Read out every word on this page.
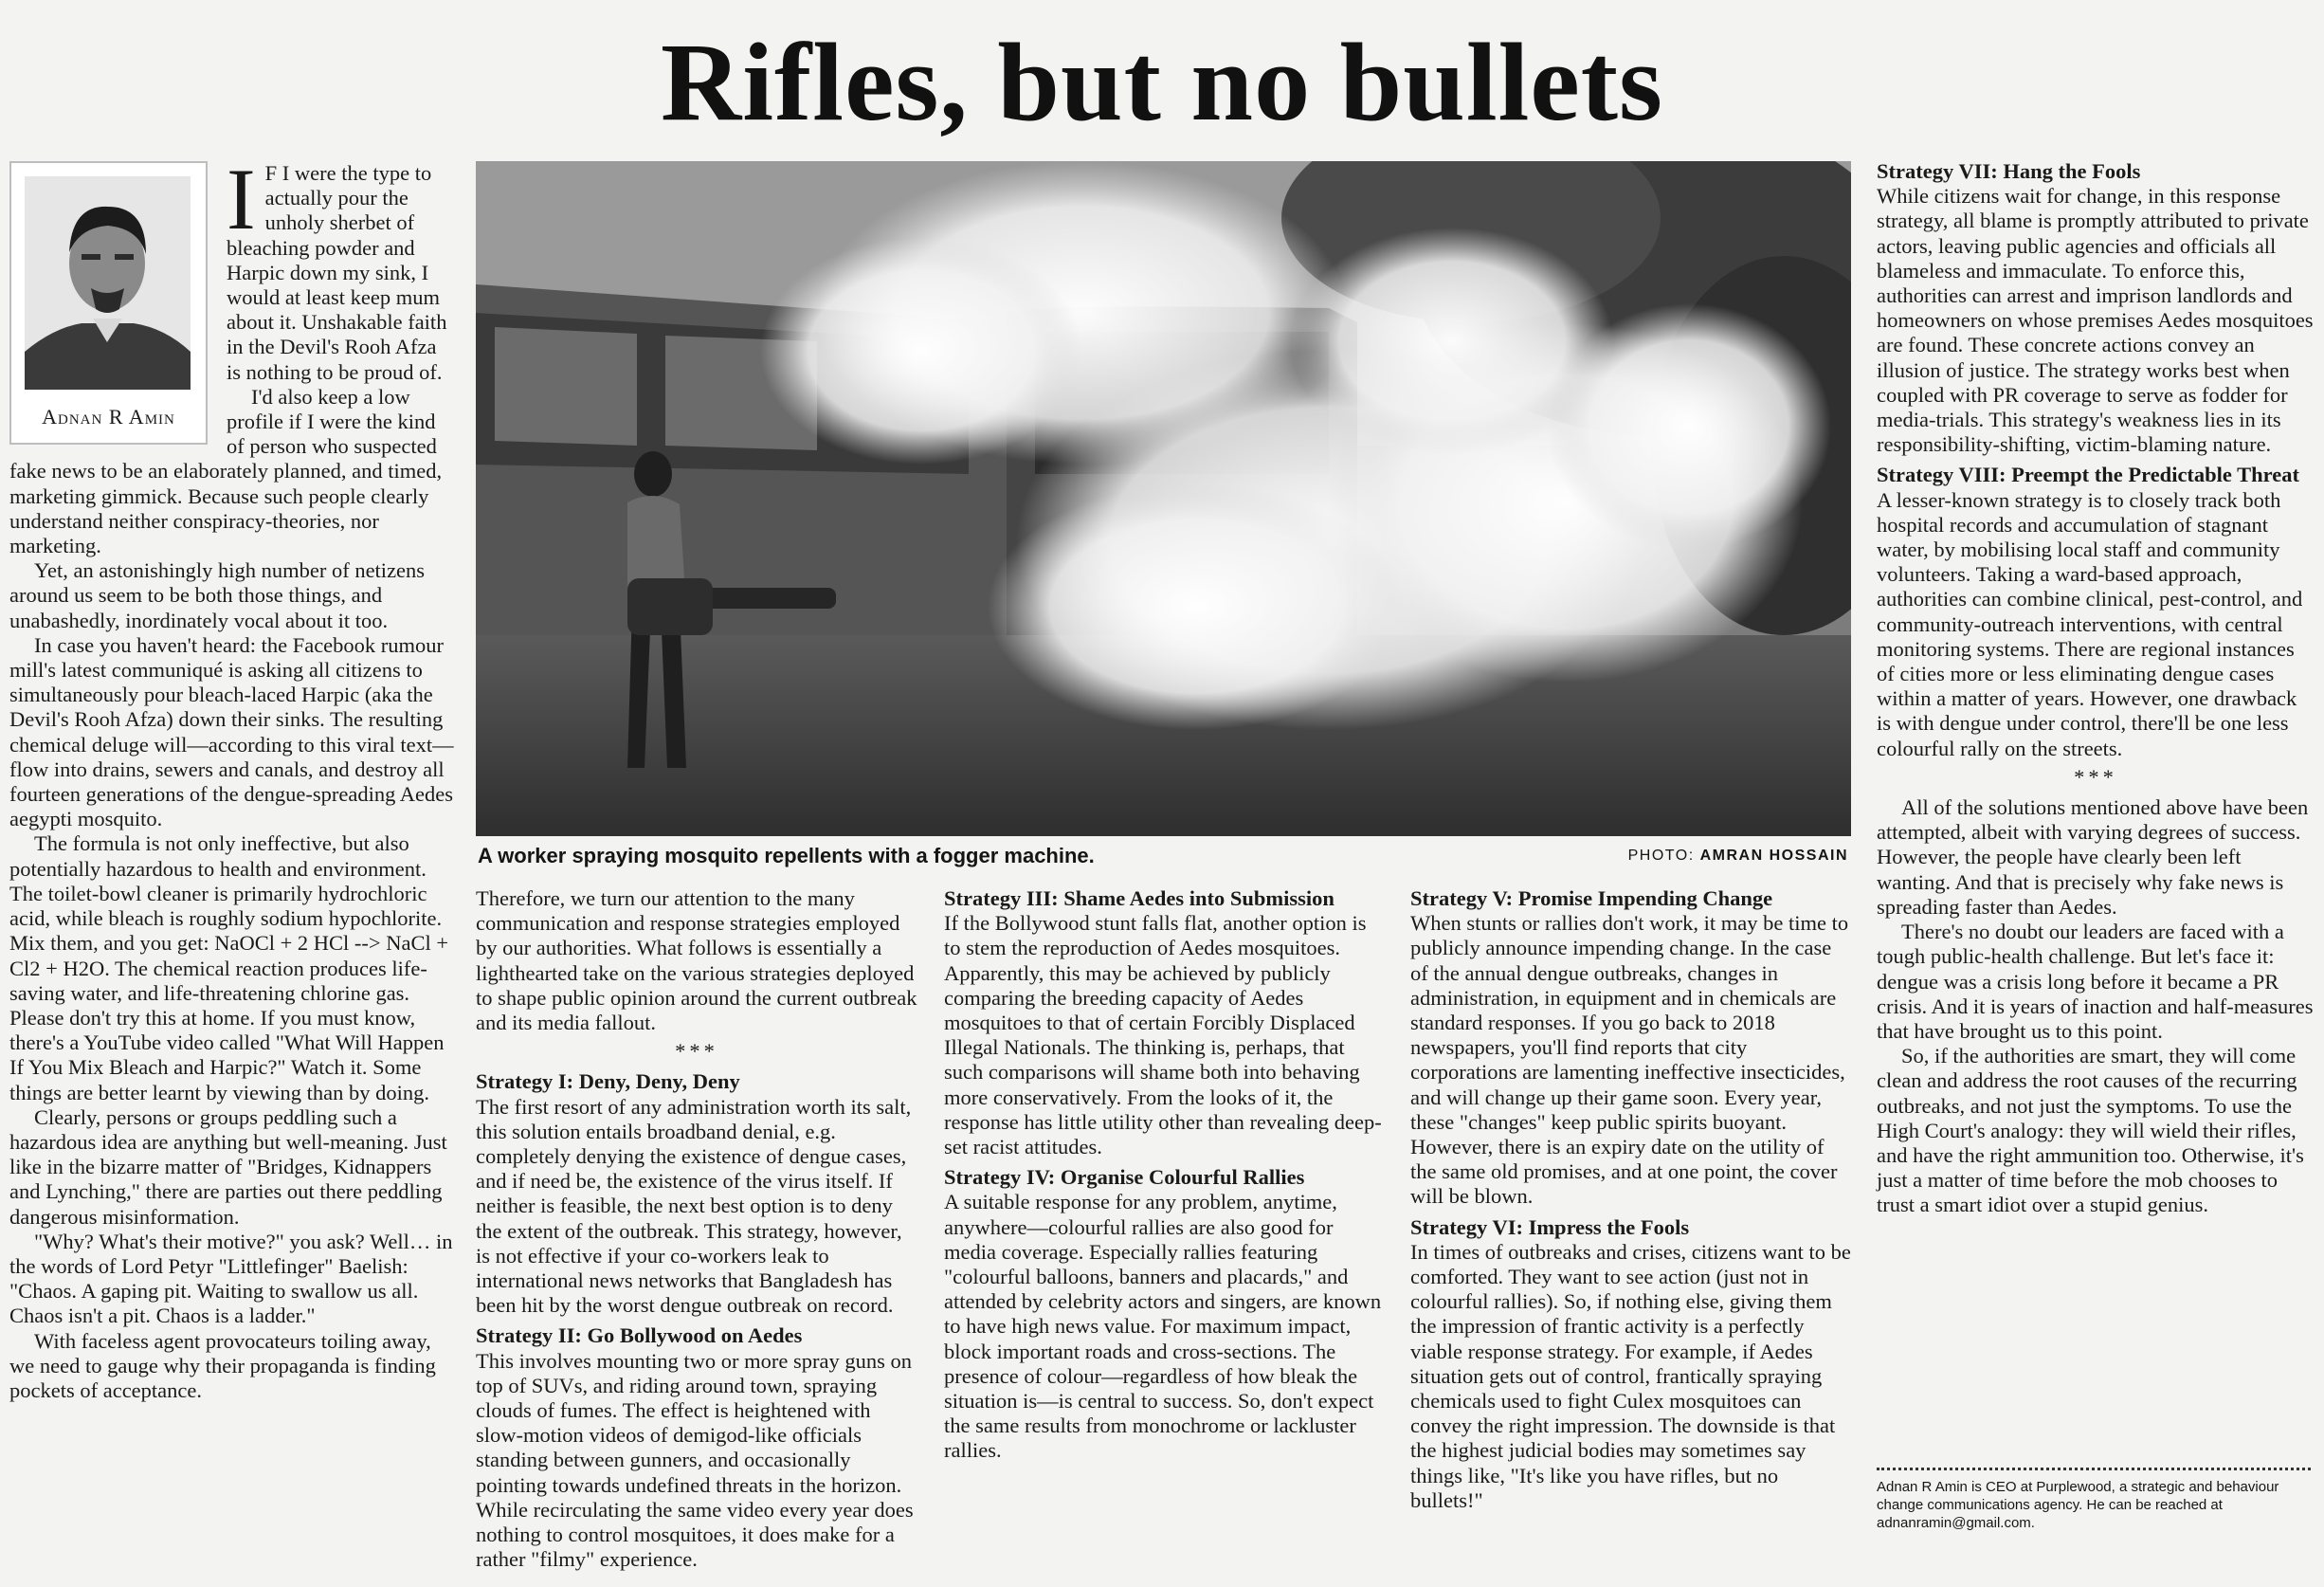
Rifles, but no bullets
Adnan R Amin

I F I were the type to actually pour the unholy sherbet of bleaching powder and Harpic down my sink, I would at least keep mum about it. Unshakable faith in the Devil's Rooh Afza is nothing to be proud of.

I'd also keep a low profile if I were the kind of person who suspected fake news to be an elaborately planned, and timed, marketing gimmick. Because such people clearly understand neither conspiracy-theories, nor marketing.

Yet, an astonishingly high number of netizens around us seem to be both those things, and unabashedly, inordinately vocal about it too.

In case you haven't heard: the Facebook rumour mill's latest communiqué is asking all citizens to simultaneously pour bleach-laced Harpic (aka the Devil's Rooh Afza) down their sinks. The resulting chemical deluge will—according to this viral text—flow into drains, sewers and canals, and destroy all fourteen generations of the dengue-spreading Aedes aegypti mosquito.

The formula is not only ineffective, but also potentially hazardous to health and environment. The toilet-bowl cleaner is primarily hydrochloric acid, while bleach is roughly sodium hypochlorite. Mix them, and you get: NaOCl + 2 HCl --> NaCl + Cl2 + H2O. The chemical reaction produces life-saving water, and life-threatening chlorine gas. Please don't try this at home. If you must know, there's a YouTube video called "What Will Happen If You Mix Bleach and Harpic?" Watch it. Some things are better learnt by viewing than by doing.

Clearly, persons or groups peddling such a hazardous idea are anything but well-meaning. Just like in the bizarre matter of "Bridges, Kidnappers and Lynching," there are parties out there peddling dangerous misinformation.

"Why? What's their motive?" you ask? Well… in the words of Lord Petyr "Littlefinger" Baelish: "Chaos. A gaping pit. Waiting to swallow us all. Chaos isn't a pit. Chaos is a ladder."

With faceless agent provocateurs toiling away, we need to gauge why their propaganda is finding pockets of acceptance.

A worker spraying mosquito repellents with a fogger machine.	PHOTO: AMRAN HOSSAIN

Therefore, we turn our attention to the many communication and response strategies employed by our authorities. What follows is essentially a lighthearted take on the various strategies deployed to shape public opinion around the current outbreak and its media fallout.

***
Strategy I: Deny, Deny, Deny

The first resort of any administration worth its salt, this solution entails broadband denial, e.g. completely denying the existence of dengue cases, and if need be, the existence of the virus itself. If neither is feasible, the next best option is to deny the extent of the outbreak. This strategy, however, is not effective if your co-workers leak to international news networks that Bangladesh has been hit by the worst dengue outbreak on record.

Strategy II: Go Bollywood on Aedes

This involves mounting two or more spray guns on top of SUVs, and riding around town, spraying clouds of fumes. The effect is heightened with slow-motion videos of demigod-like officials standing between gunners, and occasionally pointing towards undefined threats in the horizon. While recirculating the same video every year does nothing to control mosquitoes, it does make for a rather "filmy" experience.

Strategy III: Shame Aedes into Submission

If the Bollywood stunt falls flat, another option is to stem the reproduction of Aedes mosquitoes. Apparently, this may be achieved by publicly comparing the breeding capacity of Aedes mosquitoes to that of certain Forcibly Displaced Illegal Nationals. The thinking is, perhaps, that such comparisons will shame both into behaving more conservatively. From the looks of it, the response has little utility other than revealing deep-set racist attitudes.

Strategy IV: Organise Colourful Rallies

A suitable response for any problem, anytime, anywhere—colourful rallies are also good for media coverage. Especially rallies featuring "colourful balloons, banners and placards," and attended by celebrity actors and singers, are known to have high news value. For maximum impact, block important roads and cross-sections. The presence of colour—regardless of how bleak the situation is—is central to success. So, don't expect the same results from monochrome or lackluster rallies.

Strategy V: Promise Impending Change

When stunts or rallies don't work, it may be time to publicly announce impending change. In the case of the annual dengue outbreaks, changes in administration, in equipment and in chemicals are standard responses. If you go back to 2018 newspapers, you'll find reports that city corporations are lamenting ineffective insecticides, and will change up their game soon. Every year, these "changes" keep public spirits buoyant. However, there is an expiry date on the utility of the same old promises, and at one point, the cover will be blown.

Strategy VI: Impress the Fools

In times of outbreaks and crises, citizens want to be comforted. They want to see action (just not in colourful rallies). So, if nothing else, giving them the impression of frantic activity is a perfectly viable response strategy. For example, if Aedes situation gets out of control, frantically spraying chemicals used to fight Culex mosquitoes can convey the right impression. The downside is that the highest judicial bodies may sometimes say things like, "It's like you have rifles, but no bullets!"

Strategy VII: Hang the Fools

While citizens wait for change, in this response strategy, all blame is promptly attributed to private actors, leaving public agencies and officials all blameless and immaculate. To enforce this, authorities can arrest and imprison landlords and homeowners on whose premises Aedes mosquitoes are found. These concrete actions convey an illusion of justice. The strategy works best when coupled with PR coverage to serve as fodder for media-trials. This strategy's weakness lies in its responsibility-shifting, victim-blaming nature.

Strategy VIII: Preempt the Predictable Threat

A lesser-known strategy is to closely track both hospital records and accumulation of stagnant water, by mobilising local staff and community volunteers. Taking a ward-based approach, authorities can combine clinical, pest-control, and community-outreach interventions, with central monitoring systems. There are regional instances of cities more or less eliminating dengue cases within a matter of years. However, one drawback is with dengue under control, there'll be one less colourful rally on the streets.

***

All of the solutions mentioned above have been attempted, albeit with varying degrees of success. However, the people have clearly been left wanting. And that is precisely why fake news is spreading faster than Aedes.

There's no doubt our leaders are faced with a tough public-health challenge. But let's face it: dengue was a crisis long before it became a PR crisis. And it is years of inaction and half-measures that have brought us to this point.

So, if the authorities are smart, they will come clean and address the root causes of the recurring outbreaks, and not just the symptoms. To use the High Court's analogy: they will wield their rifles, and have the right ammunition too. Otherwise, it's just a matter of time before the mob chooses to trust a smart idiot over a stupid genius.

Adnan R Amin is CEO at Purplewood, a strategic and behaviour change communications agency. He can be reached at adnanramin@gmail.com.
